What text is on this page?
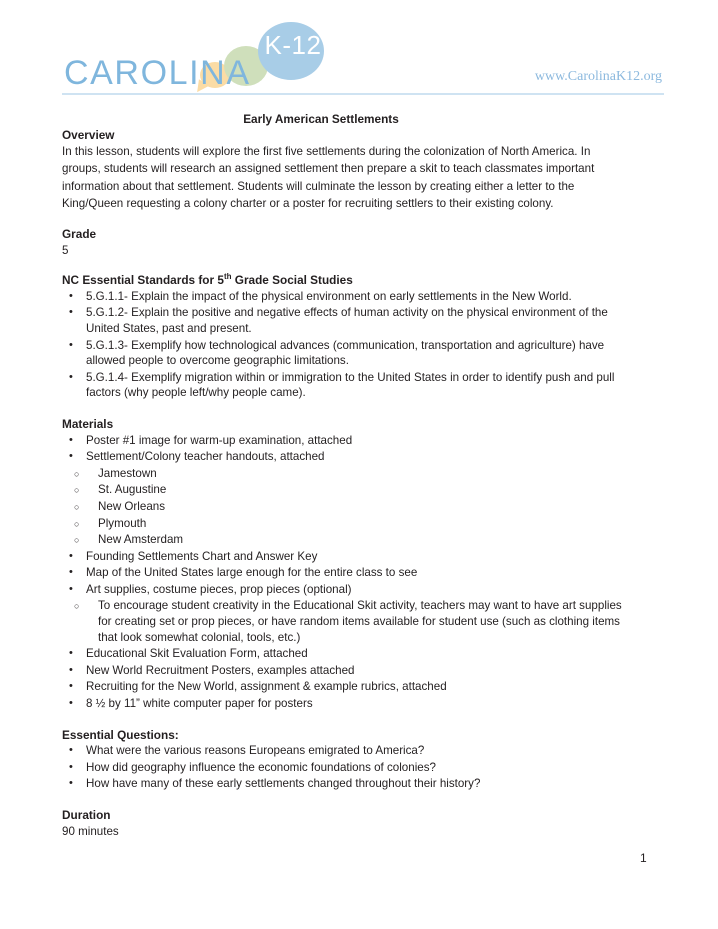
K-12
CAROLINA	www.CarolinaK12.org
Early American Settlements
Overview

In this lesson, students will explore the first five settlements during the colonization of North America. In groups, students will research an assigned settlement then prepare a skit to teach classmates important information about that settlement. Students will culminate the lesson by creating either a letter to the King/Queen requesting a colony charter or a poster for recruiting settlers to their existing colony.

Grade

5

NC Essential Standards for 5th Grade Social Studies
• 5.G.1.1- Explain the impact of the physical environment on early settlements in the New World.
• 5.G.1.2- Explain the positive and negative effects of human activity on the physical environment of the United States, past and present.
• 5.G.1.3- Exemplify how technological advances (communication, transportation and agriculture) have allowed people to overcome geographic limitations.
• 5.G.1.4- Exemplify migration within or immigration to the United States in order to identify push and pull factors (why people left/why people came).
Materials
• Poster #1 image for warm-up examination, attached
• Settlement/Colony teacher handouts, attached
○ Jamestown
○ St. Augustine
○ New Orleans
○ Plymouth
○ New Amsterdam
• Founding Settlements Chart and Answer Key
• Map of the United States large enough for the entire class to see
• Art supplies, costume pieces, prop pieces (optional)
○ To encourage student creativity in the Educational Skit activity, teachers may want to have art supplies for creating set or prop pieces, or have random items available for student use (such as clothing items that look somewhat colonial, tools, etc.)
• Educational Skit Evaluation Form, attached
• New World Recruitment Posters, examples attached
• Recruiting for the New World, assignment & example rubrics, attached
• 8 ½ by 11” white computer paper for posters
Essential Questions:
• What were the various reasons Europeans emigrated to America?
• How did geography influence the economic foundations of colonies?
• How have many of these early settlements changed throughout their history?
Duration

90 minutes

1
